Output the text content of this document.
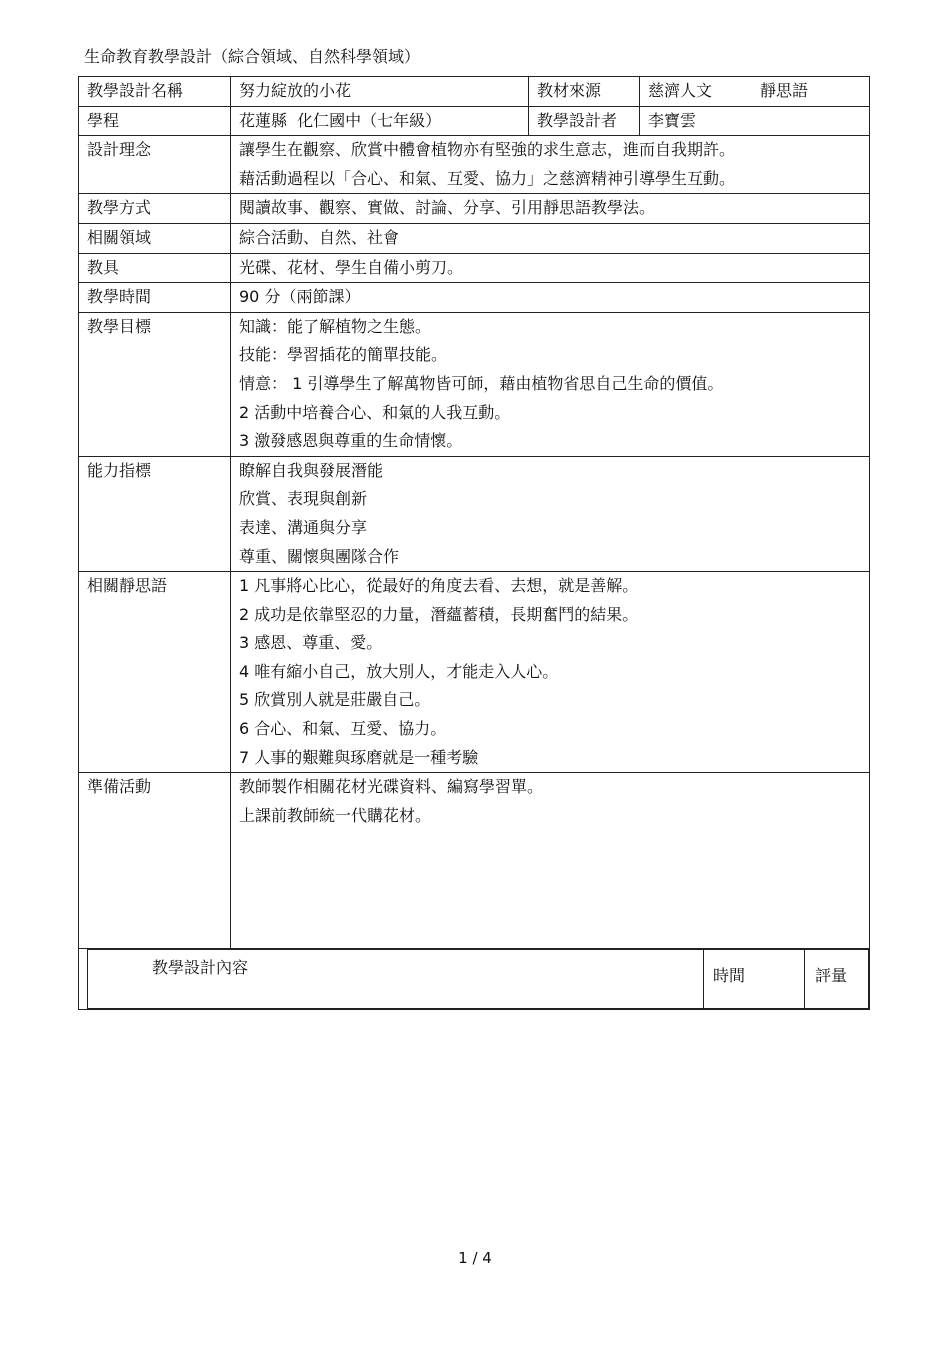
生命教育教學設計（綜合領域、自然科學領域）
教學設計名稱	努力綻放的小花	教材來源	慈濟人文	靜思語
學程	花蓮縣  化仁國中（七年級）	教學設計者	李寶雲
設計理念	讓學生在觀察、欣賞中體會植物亦有堅強的求生意志，進而自我期許。
藉活動過程以「合心、和氣、互愛、協力」之慈濟精神引導學生互動。

教學方式	閱讀故事、觀察、實做、討論、分享、引用靜思語教學法。
相關領域	綜合活動、自然、社會
教具	光碟、花材、學生自備小剪刀。
教學時間	90 分（兩節課）
教學目標	知識：能了解植物之生態。
技能：學習插花的簡單技能。
情意： 1 引導學生了解萬物皆可師，藉由植物省思自己生命的價值。
2 活動中培養合心、和氣的人我互動。
3 激發感恩與尊重的生命情懷。

能力指標	瞭解自我與發展潛能
欣賞、表現與創新
表達、溝通與分享
尊重、關懷與團隊合作

相關靜思語	1 凡事將心比心，從最好的角度去看、去想，就是善解。
2 成功是依靠堅忍的力量，潛蘊蓄積，長期奮鬥的結果。
3 感恩、尊重、愛。
4 唯有縮小自己，放大別人，才能走入人心。
5 欣賞別人就是莊嚴自己。
6 合心、和氣、互愛、協力。
7 人事的艱難與琢磨就是一種考驗

準備活動	教師製作相關花材光碟資料、編寫學習單。
上課前教師統一代購花材。

教學設計內容	時間	評量
1 / 4
